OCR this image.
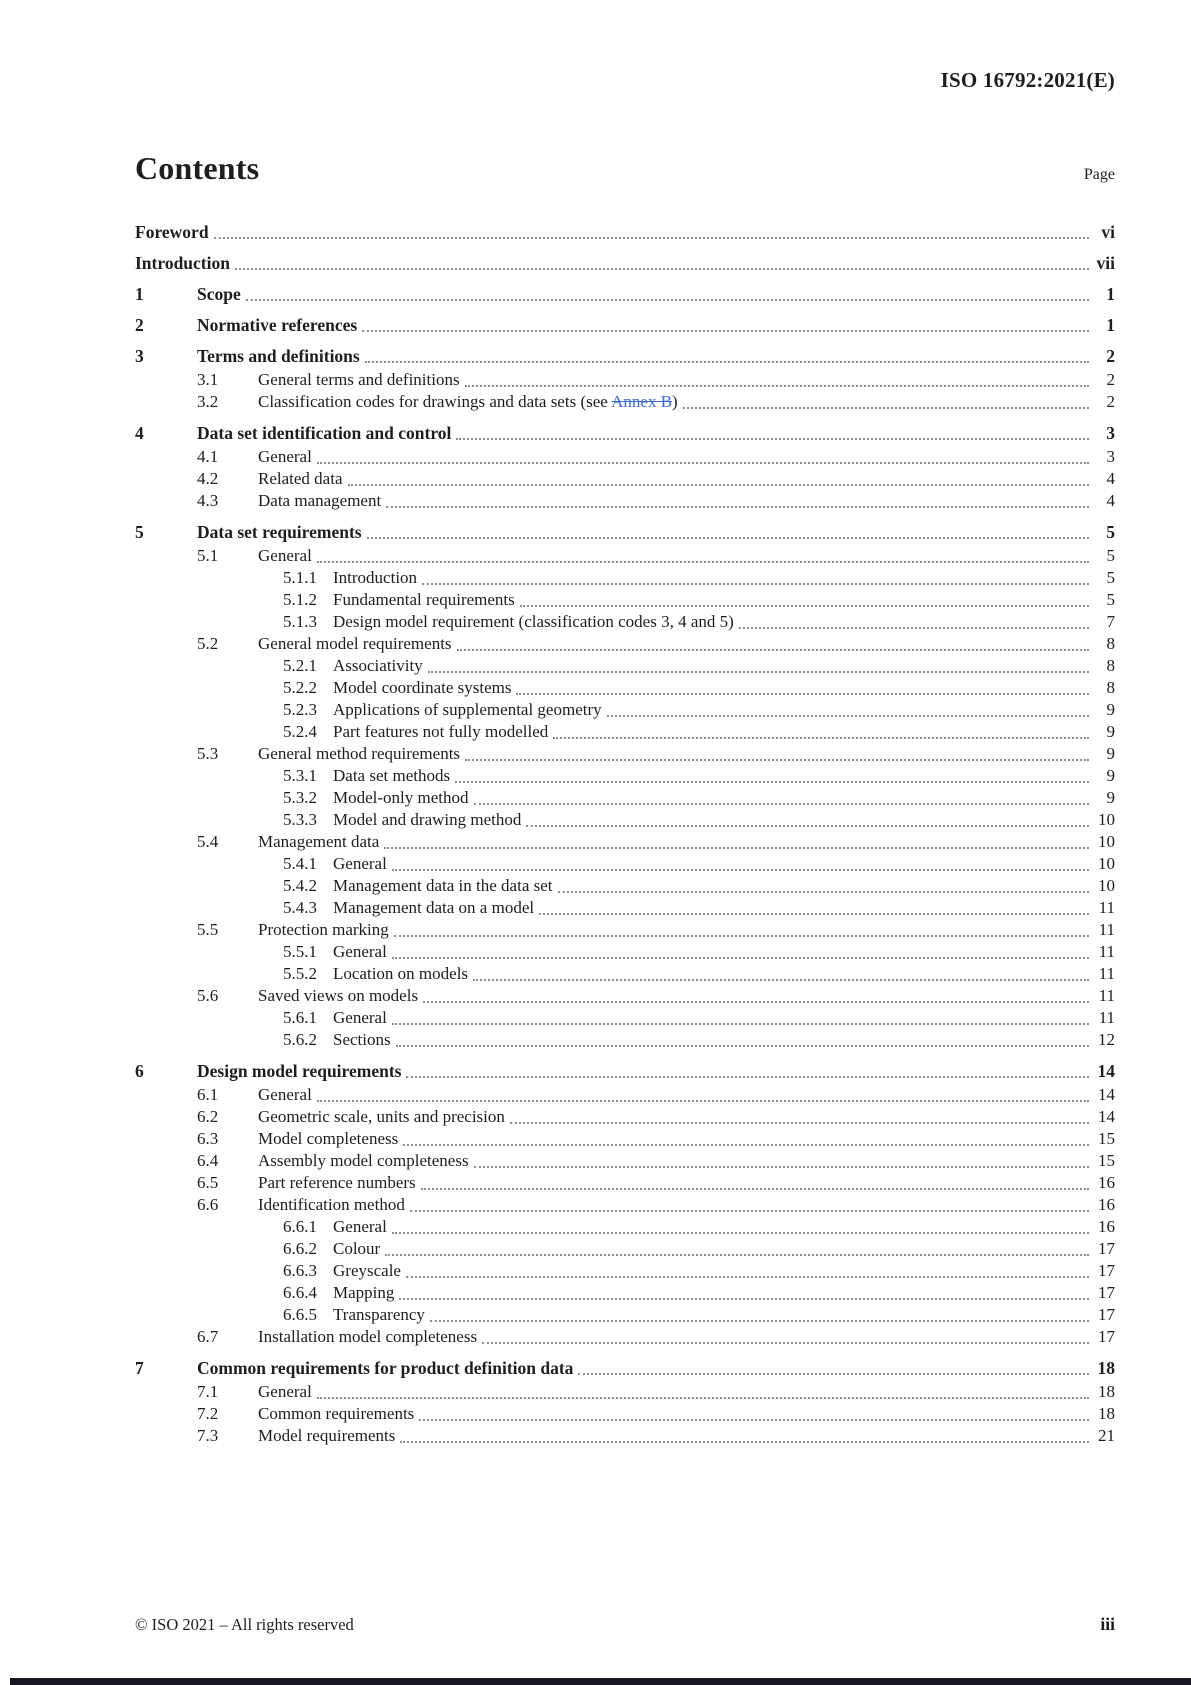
ISO 16792:2021(E)
Contents	Page
Foreword	vi
Introduction	vii
1	Scope	1
2	Normative references	1
3	Terms and definitions	2
3.1	General terms and definitions	2
3.2	Classification codes for drawings and data sets (see Annex B)	2
4	Data set identification and control	3
4.1	General	3
4.2	Related data	4
4.3	Data management	4
5	Data set requirements	5
5.1	General	5
5.1.1 Introduction	5
5.1.2 Fundamental requirements	5
5.1.3 Design model requirement (classification codes 3, 4 and 5)	7
5.2	General model requirements	8
5.2.1 Associativity	8
5.2.2 Model coordinate systems	8
5.2.3 Applications of supplemental geometry	9
5.2.4 Part features not fully modelled	9
5.3	General method requirements	9
5.3.1 Data set methods	9
5.3.2 Model-only method	9
5.3.3 Model and drawing method	10
5.4	Management data	10
5.4.1 General	10
5.4.2 Management data in the data set	10
5.4.3 Management data on a model	11
5.5	Protection marking	11
5.5.1 General	11
5.5.2 Location on models	11
5.6	Saved views on models	11
5.6.1 General	11
5.6.2 Sections	12
6	Design model requirements	14
6.1	General	14
6.2	Geometric scale, units and precision	14
6.3	Model completeness	15
6.4	Assembly model completeness	15
6.5	Part reference numbers	16
6.6	Identification method	16
6.6.1 General	16
6.6.2 Colour	17
6.6.3 Greyscale	17
6.6.4 Mapping	17
6.6.5 Transparency	17
6.7	Installation model completeness	17
7	Common requirements for product definition data	18
7.1	General	18
7.2	Common requirements	18
7.3	Model requirements	21
© ISO 2021 – All rights reserved	iii
